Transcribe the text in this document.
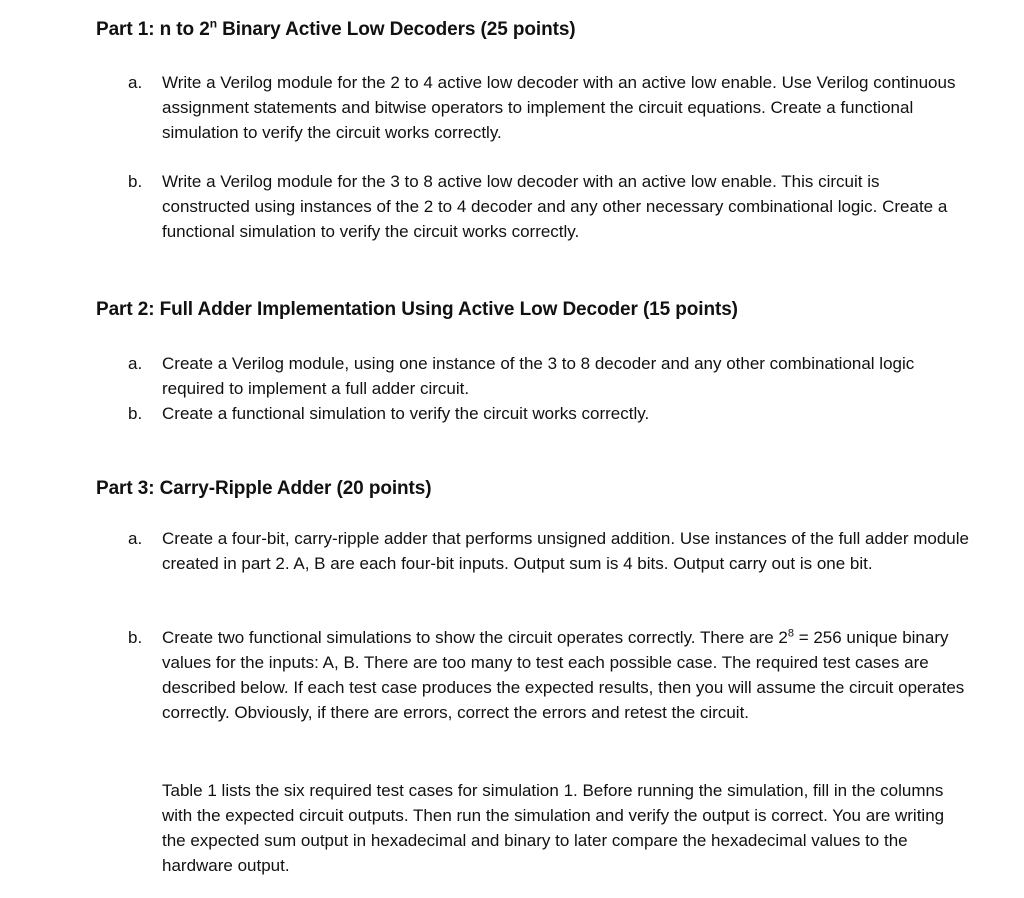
Part 1: n to 2$^n$ Binary Active Low Decoders (25 points)
a. Write a Verilog module for the 2 to 4 active low decoder with an active low enable. Use Verilog continuous assignment statements and bitwise operators to implement the circuit equations. Create a functional simulation to verify the circuit works correctly.
b. Write a Verilog module for the 3 to 8 active low decoder with an active low enable. This circuit is constructed using instances of the 2 to 4 decoder and any other necessary combinational logic. Create a functional simulation to verify the circuit works correctly.
Part 2: Full Adder Implementation Using Active Low Decoder (15 points)
a. Create a Verilog module, using one instance of the 3 to 8 decoder and any other combinational logic required to implement a full adder circuit.
b. Create a functional simulation to verify the circuit works correctly.
Part 3: Carry-Ripple Adder (20 points)
a. Create a four-bit, carry-ripple adder that performs unsigned addition. Use instances of the full adder module created in part 2. A, B are each four-bit inputs. Output sum is 4 bits. Output carry out is one bit.
b. Create two functional simulations to show the circuit operates correctly. There are $2^8 = 256$ unique binary values for the inputs: A, B. There are too many to test each possible case. The required test cases are described below. If each test case produces the expected results, then you will assume the circuit operates correctly. Obviously, if there are errors, correct the errors and retest the circuit.
Table 1 lists the six required test cases for simulation 1. Before running the simulation, fill in the columns with the expected circuit outputs. Then run the simulation and verify the output is correct. You are writing the expected sum output in hexadecimal and binary to later compare the hexadecimal values to the hardware output.
